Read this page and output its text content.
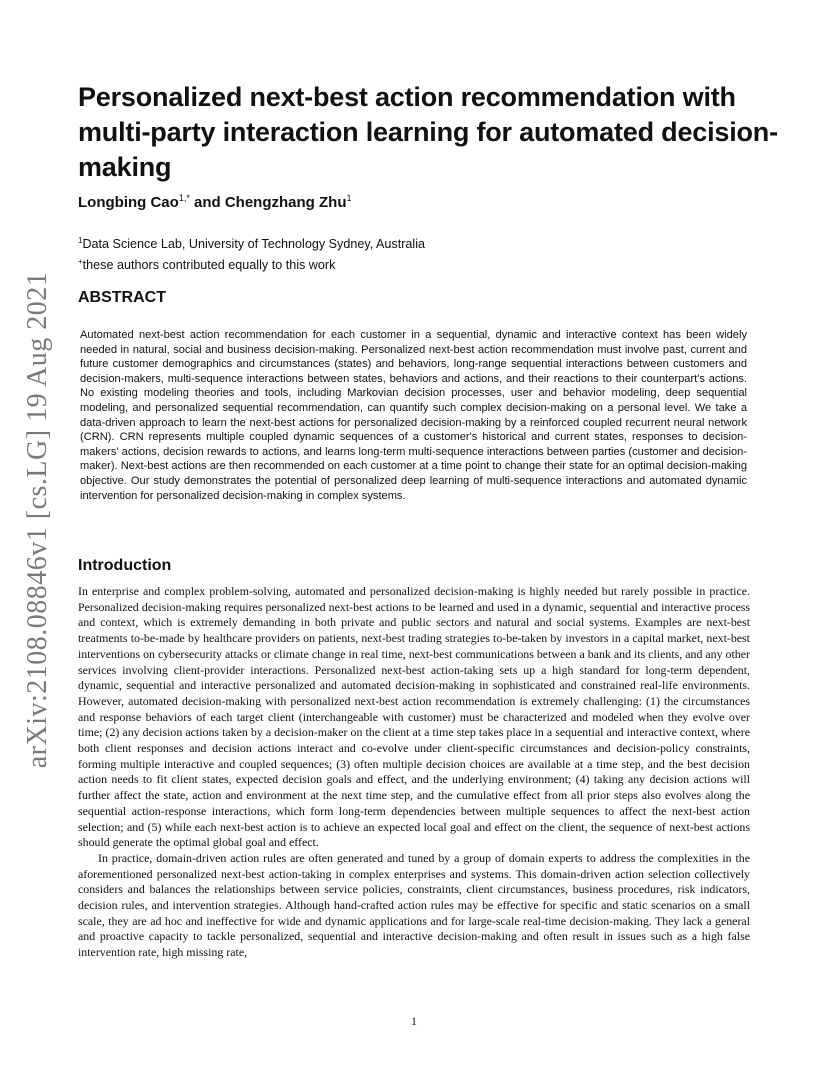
arXiv:2108.08846v1 [cs.LG] 19 Aug 2021
Personalized next-best action recommendation with multi-party interaction learning for automated decision-making
Longbing Cao$^{1,*}$ and Chengzhang Zhu$^1$
$^1$Data Science Lab, University of Technology Sydney, Australia
+these authors contributed equally to this work
ABSTRACT

Automated next-best action recommendation for each customer in a sequential, dynamic and interactive context has been widely needed in natural, social and business decision-making. Personalized next-best action recommendation must involve past, current and future customer demographics and circumstances (states) and behaviors, long-range sequential interactions between customers and decision-makers, multi-sequence interactions between states, behaviors and actions, and their reactions to their counterpart's actions. No existing modeling theories and tools, including Markovian decision processes, user and behavior modeling, deep sequential modeling, and personalized sequential recommendation, can quantify such complex decision-making on a personal level. We take a data-driven approach to learn the next-best actions for personalized decision-making by a reinforced coupled recurrent neural network (CRN). CRN represents multiple coupled dynamic sequences of a customer's historical and current states, responses to decision-makers' actions, decision rewards to actions, and learns long-term multi-sequence interactions between parties (customer and decision-maker). Next-best actions are then recommended on each customer at a time point to change their state for an optimal decision-making objective. Our study demonstrates the potential of personalized deep learning of multi-sequence interactions and automated dynamic intervention for personalized decision-making in complex systems.

Introduction

In enterprise and complex problem-solving, automated and personalized decision-making is highly needed but rarely possible in practice. Personalized decision-making requires personalized next-best actions to be learned and used in a dynamic, sequential and interactive process and context, which is extremely demanding in both private and public sectors and natural and social systems. Examples are next-best treatments to-be-made by healthcare providers on patients, next-best trading strategies to-be-taken by investors in a capital market, next-best interventions on cybersecurity attacks or climate change in real time, next-best communications between a bank and its clients, and any other services involving client-provider interactions. Personalized next-best action-taking sets up a high standard for long-term dependent, dynamic, sequential and interactive personalized and automated decision-making in sophisticated and constrained real-life environments. However, automated decision-making with personalized next-best action recommendation is extremely challenging: (1) the circumstances and response behaviors of each target client (interchangeable with customer) must be characterized and modeled when they evolve over time; (2) any decision actions taken by a decision-maker on the client at a time step takes place in a sequential and interactive context, where both client responses and decision actions interact and co-evolve under client-specific circumstances and decision-policy constraints, forming multiple interactive and coupled sequences; (3) often multiple decision choices are available at a time step, and the best decision action needs to fit client states, expected decision goals and effect, and the underlying environment; (4) taking any decision actions will further affect the state, action and environment at the next time step, and the cumulative effect from all prior steps also evolves along the sequential action-response interactions, which form long-term dependencies between multiple sequences to affect the next-best action selection; and (5) while each next-best action is to achieve an expected local goal and effect on the client, the sequence of next-best actions should generate the optimal global goal and effect.

In practice, domain-driven action rules are often generated and tuned by a group of domain experts to address the complexities in the aforementioned personalized next-best action-taking in complex enterprises and systems. This domain-driven action selection collectively considers and balances the relationships between service policies, constraints, client circumstances, business procedures, risk indicators, decision rules, and intervention strategies. Although hand-crafted action rules may be effective for specific and static scenarios on a small scale, they are ad hoc and ineffective for wide and dynamic applications and for large-scale real-time decision-making. They lack a general and proactive capacity to tackle personalized, sequential and interactive decision-making and often result in issues such as a high false intervention rate, high missing rate,

1
